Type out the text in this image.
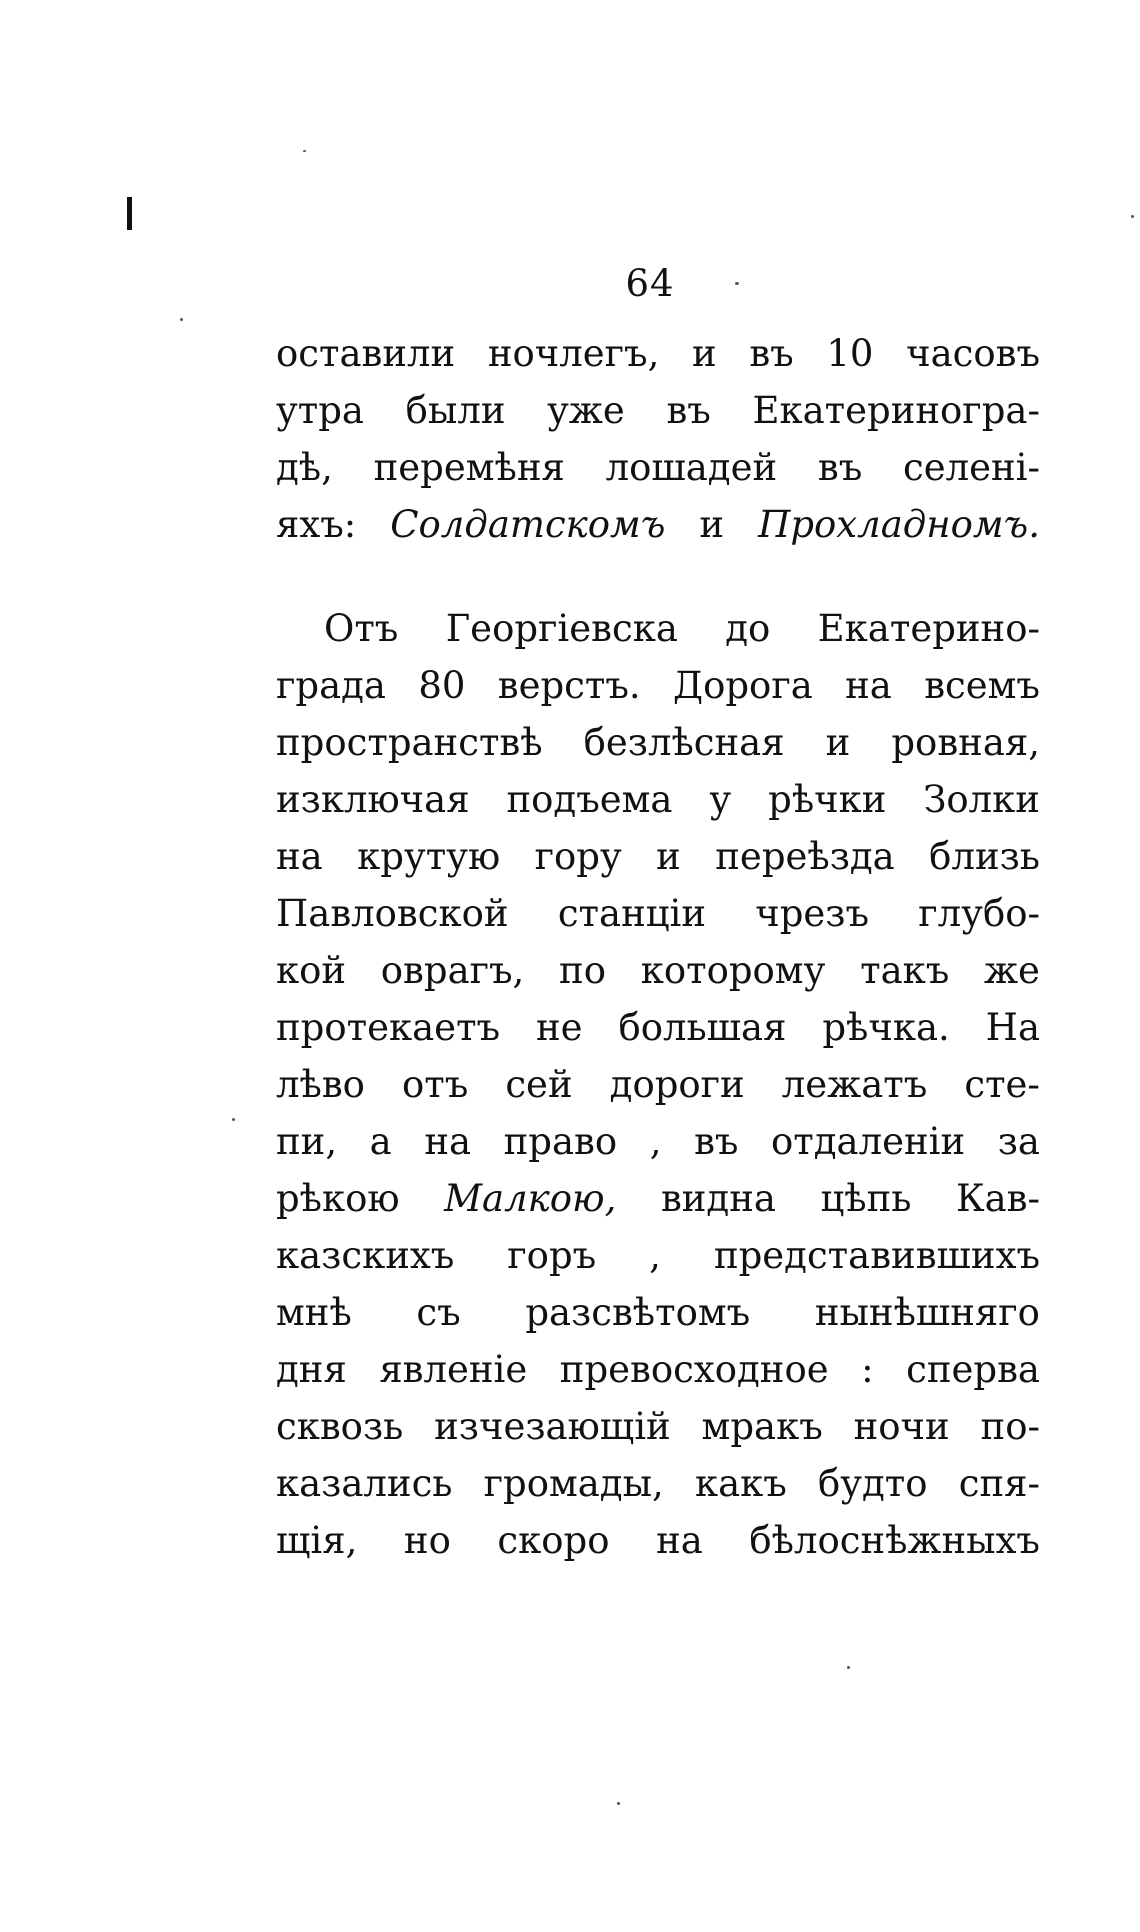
64
оставили ночлегъ, и въ 10 часовъ
утра были уже въ Екатериногра-
дѣ, перемѣня лошадей въ селені-
яхъ: Солдатскомъ и Прохладномъ.
Отъ Георгіевска до Екатерино-
града 80 верстъ. Дорога на всемъ
пространствѣ безлѣсная и ровная,
изключая подъема у рѣчки Золки
на крутую гору и переѣзда близь
Павловской станціи чрезъ глубо-
кой оврагъ, по которому такъ же
протекаетъ не большая рѣчка. На
лѣво отъ сей дороги лежатъ сте-
пи, а на право , въ отдаленіи за
рѣкою Малкою, видна цѣпь Кав-
казскихъ горъ , представившихъ
мнѣ съ разсвѣтомъ нынѣшняго
дня явленіе превосходное : сперва
сквозь изчезающій мракъ ночи по-
казались громады, какъ будто спя-
щія, но скоро на бѣлоснѣжныхъ
